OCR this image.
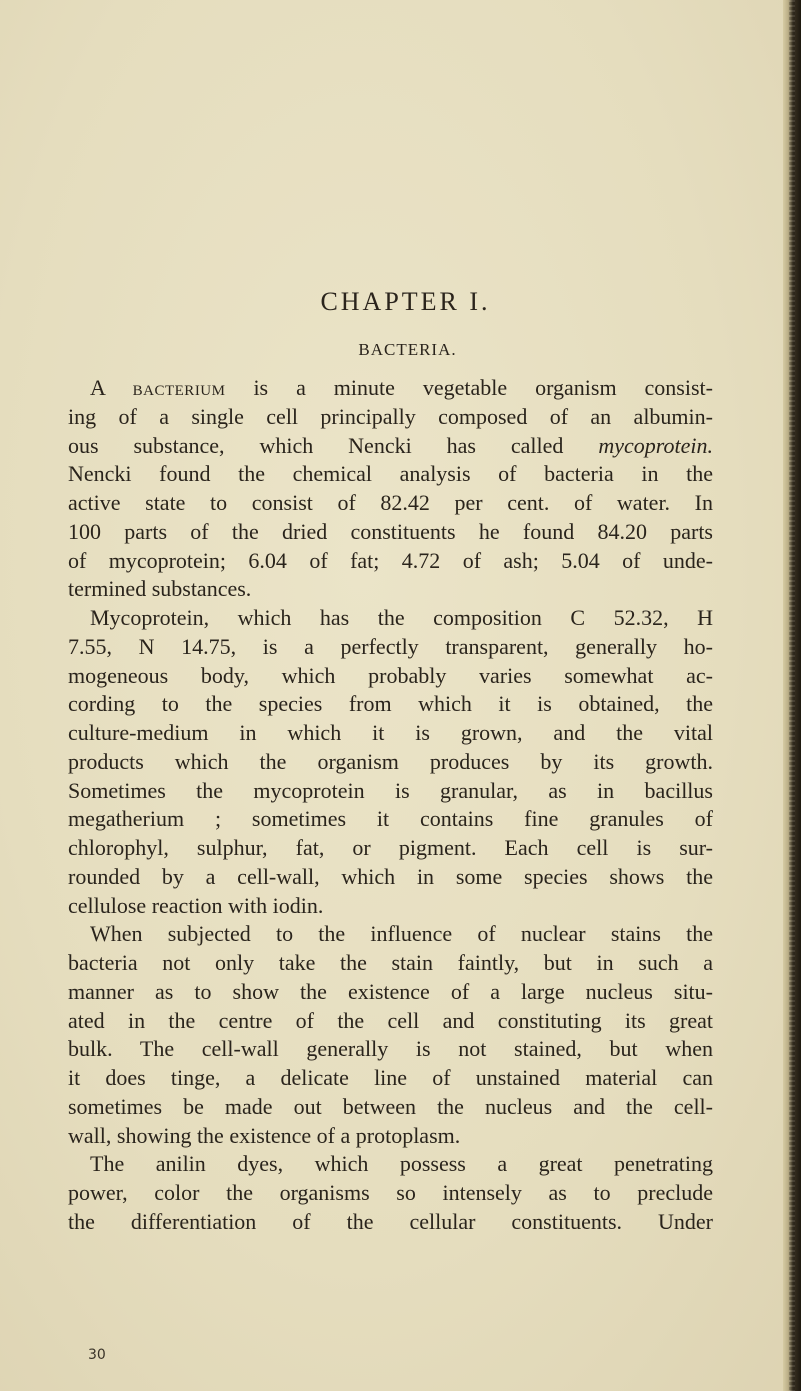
CHAPTER I.
BACTERIA.
A bacterium is a minute vegetable organism consist-
ing of a single cell principally composed of an albumin-
ous substance, which Nencki has called mycoprotein.
Nencki found the chemical analysis of bacteria in the
active state to consist of 82.42 per cent. of water. In
100 parts of the dried constituents he found 84.20 parts
of mycoprotein; 6.04 of fat; 4.72 of ash; 5.04 of unde-
termined substances.
Mycoprotein, which has the composition C 52.32, H
7.55, N 14.75, is a perfectly transparent, generally ho-
mogeneous body, which probably varies somewhat ac-
cording to the species from which it is obtained, the
culture-medium in which it is grown, and the vital
products which the organism produces by its growth.
Sometimes the mycoprotein is granular, as in bacillus
megatherium ; sometimes it contains fine granules of
chlorophyl, sulphur, fat, or pigment. Each cell is sur-
rounded by a cell-wall, which in some species shows the
cellulose reaction with iodin.
When subjected to the influence of nuclear stains the
bacteria not only take the stain faintly, but in such a
manner as to show the existence of a large nucleus situ-
ated in the centre of the cell and constituting its great
bulk. The cell-wall generally is not stained, but when
it does tinge, a delicate line of unstained material can
sometimes be made out between the nucleus and the cell-
wall, showing the existence of a protoplasm.
The anilin dyes, which possess a great penetrating
power, color the organisms so intensely as to preclude
the differentiation of the cellular constituents. Under
30
